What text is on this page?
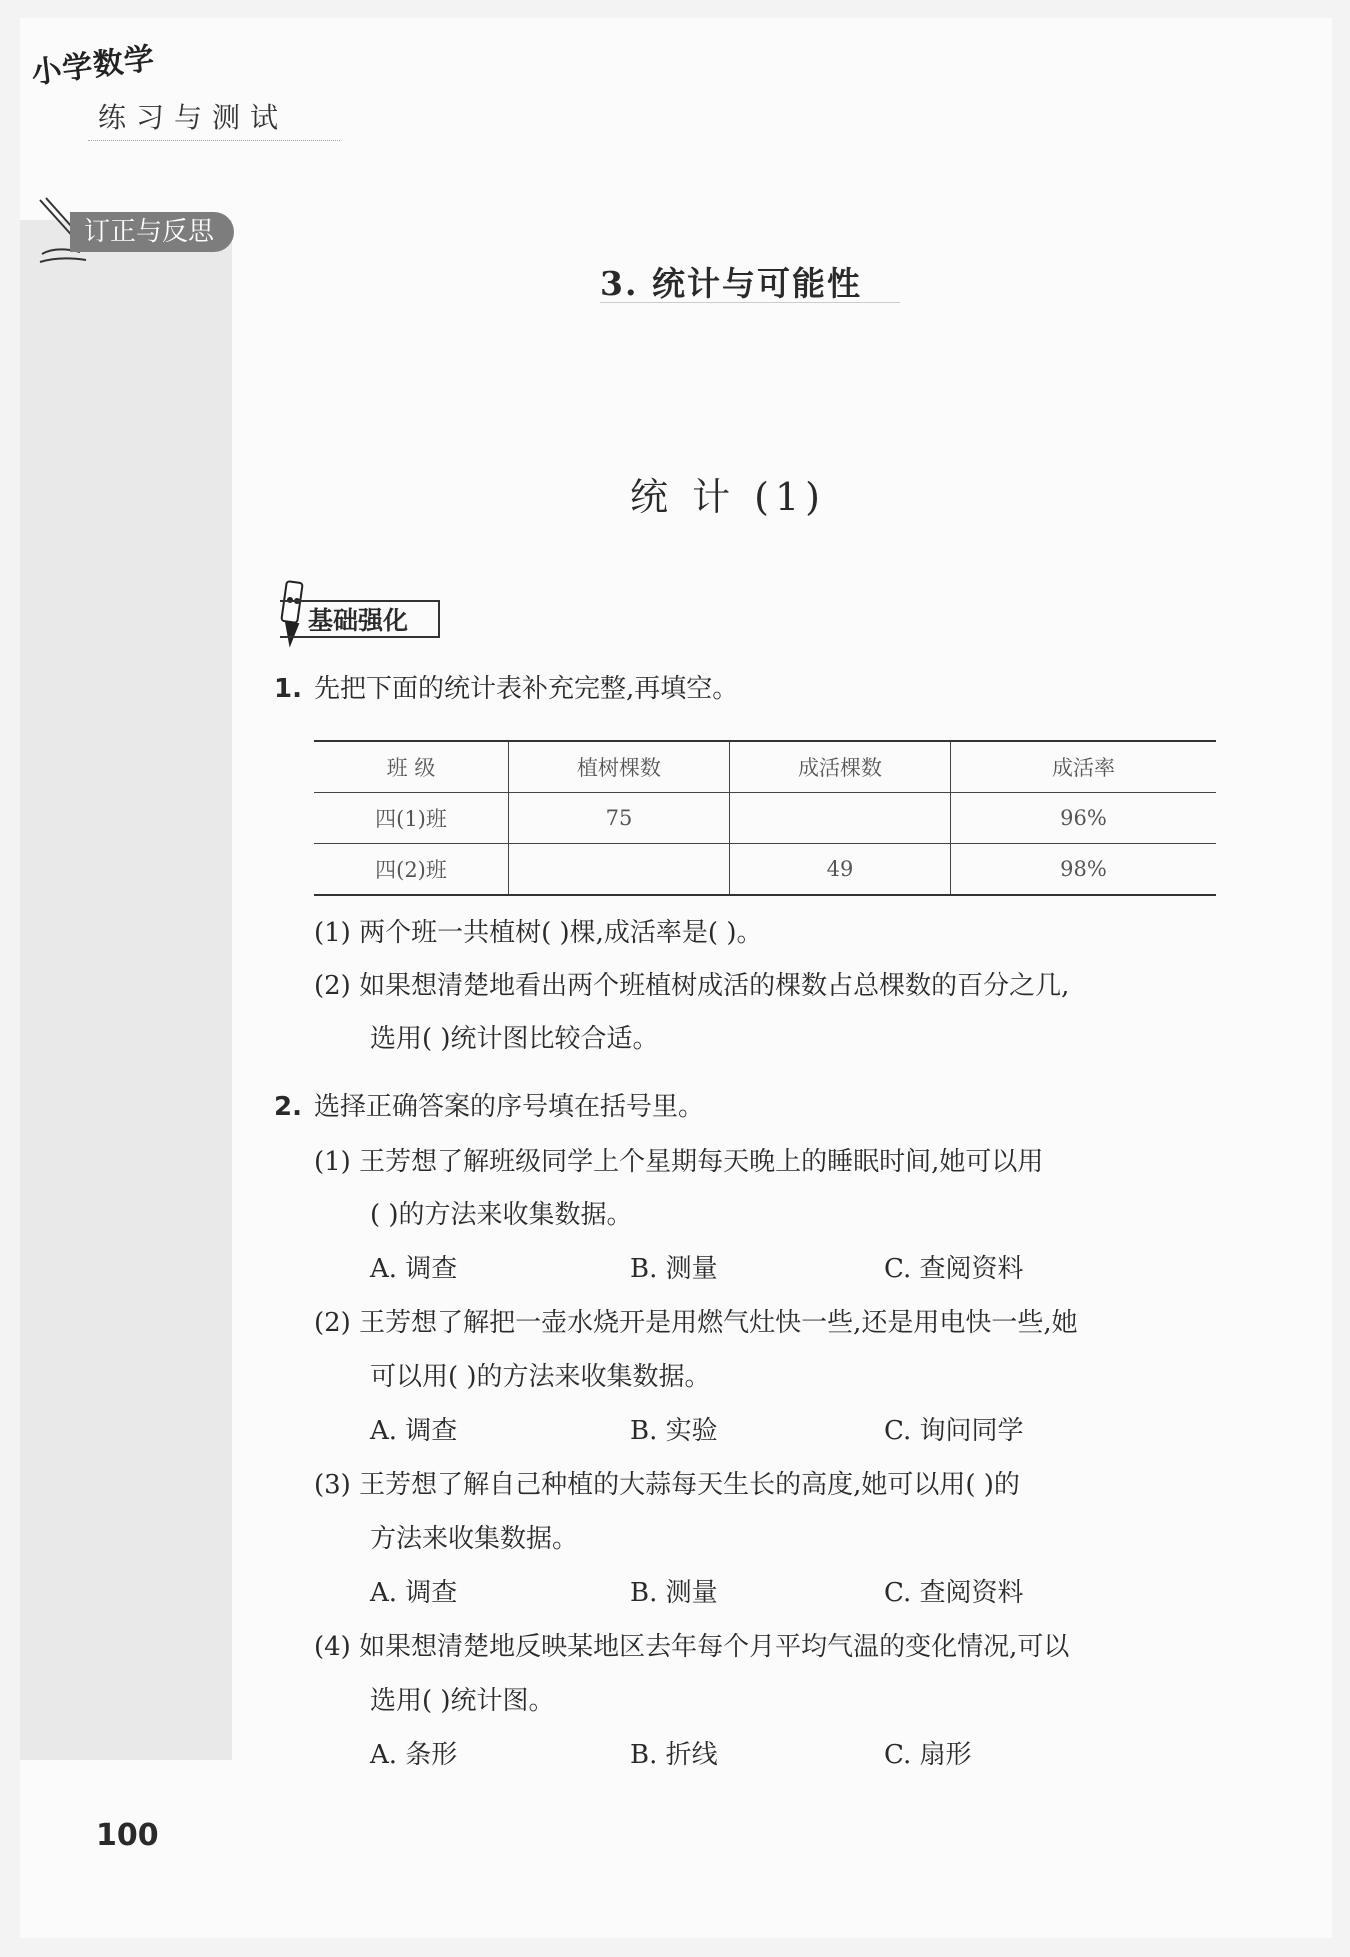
小学数学
练习与测试
订正与反思
3. 统计与可能性
统 计 (1)
基础强化
1. 先把下面的统计表补充完整,再填空。
班 级	植树棵数	成活棵数	成活率
四(1)班	75		96%
四(2)班		49	98%
(1) 两个班一共植树( )棵,成活率是( )。
(2) 如果想清楚地看出两个班植树成活的棵数占总棵数的百分之几,
选用( )统计图比较合适。
2. 选择正确答案的序号填在括号里。
(1) 王芳想了解班级同学上个星期每天晚上的睡眠时间,她可以用
( )的方法来收集数据。
A. 调查	B. 测量	C. 查阅资料
(2) 王芳想了解把一壶水烧开是用燃气灶快一些,还是用电快一些,她
可以用( )的方法来收集数据。
A. 调查	B. 实验	C. 询问同学
(3) 王芳想了解自己种植的大蒜每天生长的高度,她可以用( )的
方法来收集数据。
A. 调查	B. 测量	C. 查阅资料
(4) 如果想清楚地反映某地区去年每个月平均气温的变化情况,可以
选用( )统计图。
A. 条形	B. 折线	C. 扇形
100
